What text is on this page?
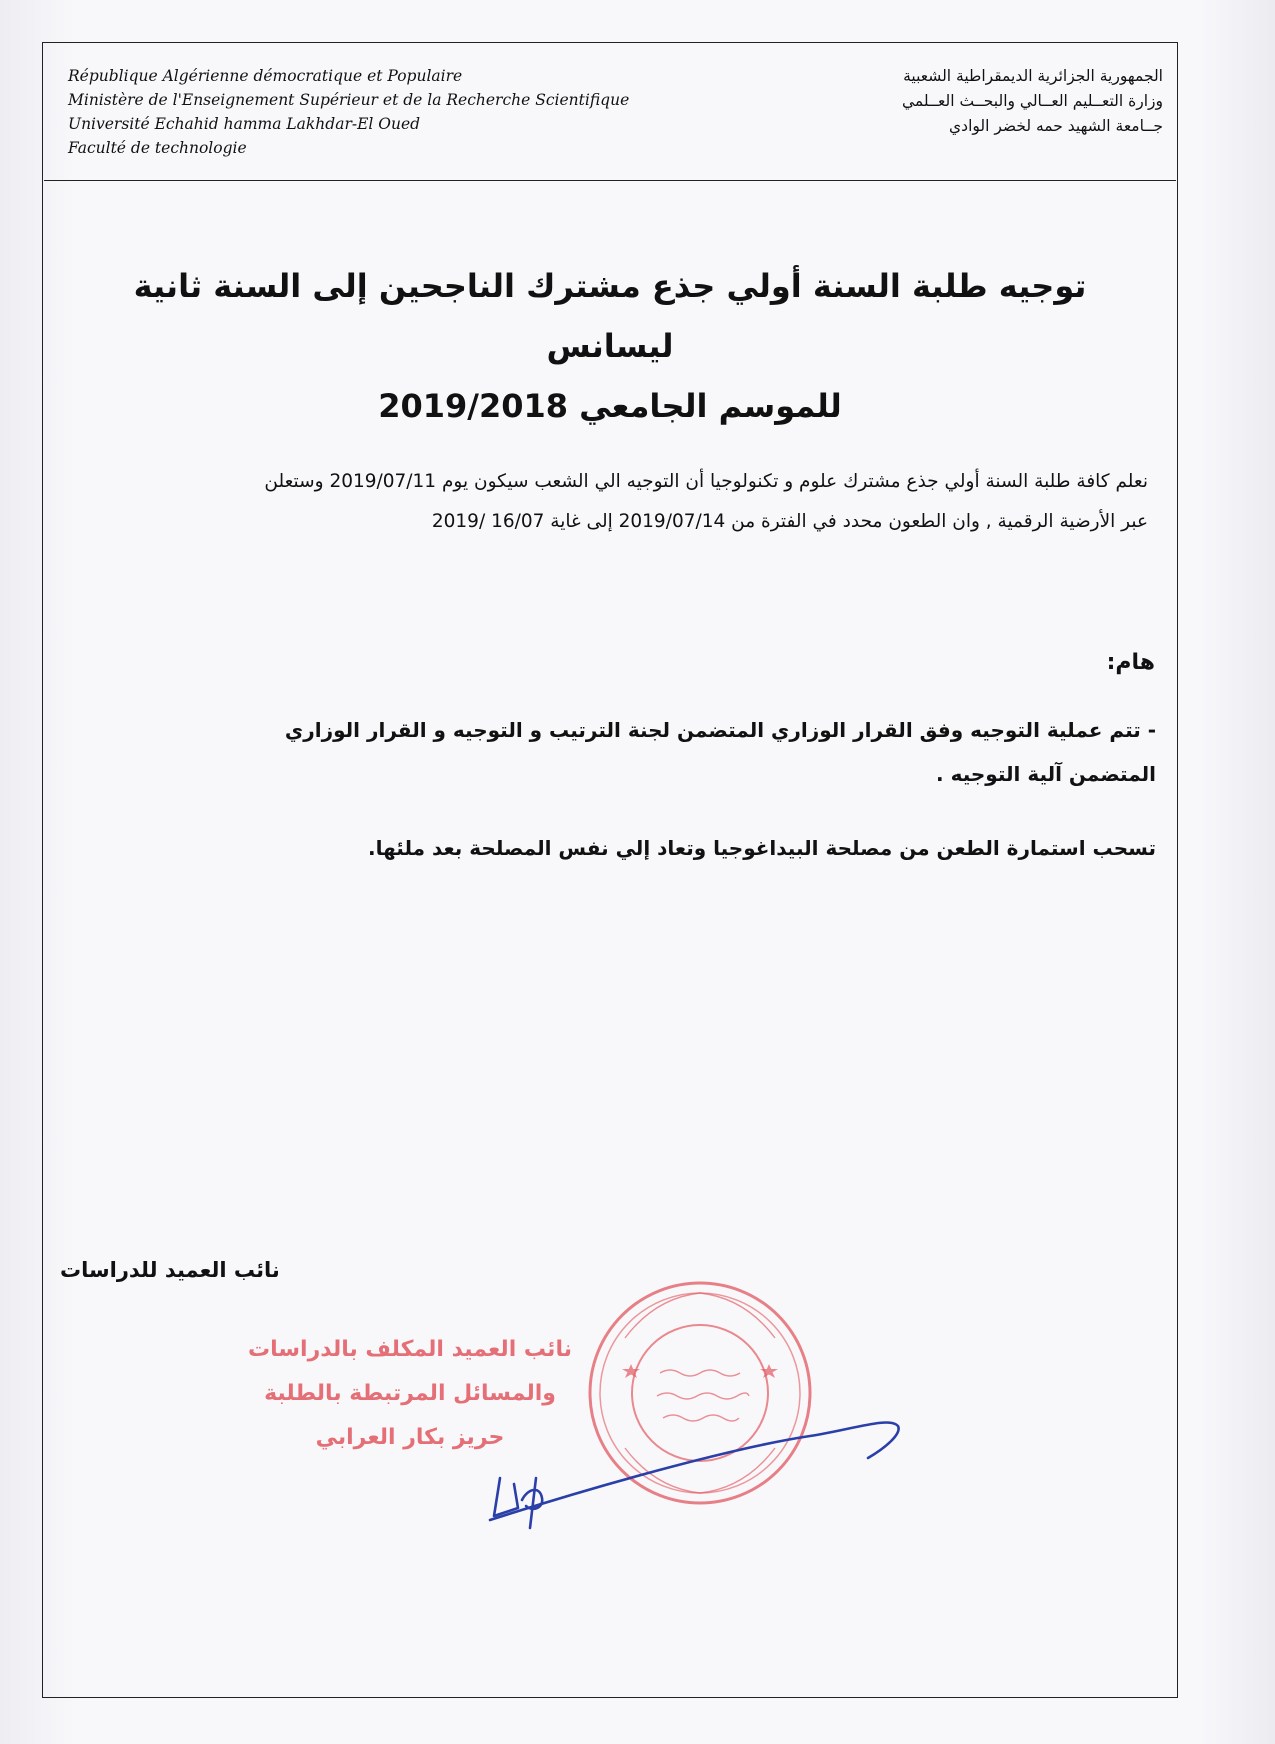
République Algérienne démocratique et Populaire
Ministère de l'Enseignement Supérieur et de la Recherche Scientifique
Université Echahid hamma Lakhdar-El Oued
Faculté de technologie
الجمهورية الجزائرية الديمقراطية الشعبية
وزارة التعــليم العــالي والبحــث العــلمي
جــامعة الشهيد حمه لخضر الوادي
توجيه طلبة السنة أولي جذع مشترك الناجحين إلى السنة ثانية ليسانس
للموسم الجامعي 2019/2018
نعلم كافة طلبة السنة أولي جذع مشترك علوم و تكنولوجيا أن التوجيه الي الشعب سيكون يوم 2019/07/11 وستعلن
عبر الأرضية الرقمية , وان الطعون محدد في الفترة من 2019/07/14 إلى غاية 16/07 /2019
هام:
- تتم عملية التوجيه وفق القرار الوزاري المتضمن لجنة الترتيب و التوجيه و القرار الوزاري
المتضمن آلية التوجيه .
تسحب استمارة الطعن من مصلحة البيداغوجيا وتعاد إلي نفس المصلحة بعد ملئها.
نائب العميد للدراسات
نائب العميد المكلف بالدراسات
والمسائل المرتبطة بالطلبة
حريز بكار العرابي
